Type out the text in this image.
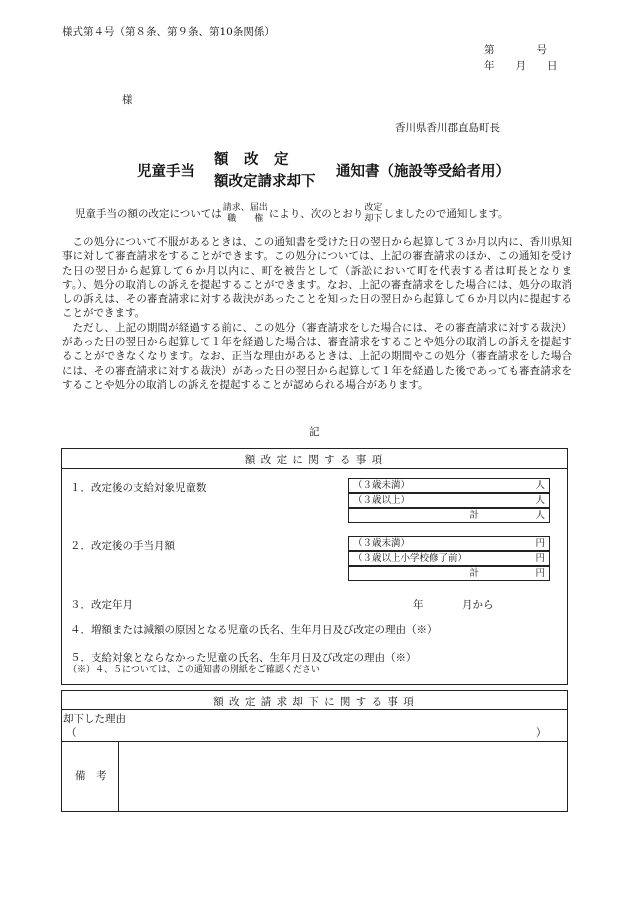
様式第４号（第８条、第９条、第10条関係）
第　　　　号
年　　月　　日
様
香川県香川郡直島町長
児童手当
額　改　定
額改定請求却下
通知書（施設等受給者用）
児童手当の額の改定については 請求、届出
職　　権 により、次のとおり 改定
却下 しましたので通知します。

この処分について不服があるときは、この通知書を受けた日の翌日から起算して３か月以内に、香川県知事に対して審査請求をすることができます。この処分については、上記の審査請求のほか、この通知を受けた日の翌日から起算して６か月以内に、町を被告として（訴訟において町を代表する者は町長となります。）、処分の取消しの訴えを提起することができます。なお、上記の審査請求をした場合には、処分の取消しの訴えは、その審査請求に対する裁決があったことを知った日の翌日から起算して６か月以内に提起することができます。

ただし、上記の期間が経過する前に、この処分（審査請求をした場合には、その審査請求に対する裁決）があった日の翌日から起算して１年を経過した場合は、審査請求をすることや処分の取消しの訴えを提起することができなくなります。なお、正当な理由があるときは、上記の期間やこの処分（審査請求をした場合には、その審査請求に対する裁決）があった日の翌日から起算して１年を経過した後であっても審査請求をすることや処分の取消しの訴えを提起することが認められる場合があります。

記
額 改 定 に 関 す る 事 項
１．改定後の支給対象児童数	（３歳未満）	人
（３歳以上）	人
計	人
２．改定後の手当月額	（３歳未満）	円
（３歳以上小学校修了前）	円
計	円
３．改定年月	年	月から
４．増額または減額の原因となる児童の氏名、生年月日及び改定の理由（※）
５．支給対象とならなかった児童の氏名、生年月日及び改定の理由（※）
（※）４、５については、この通知書の別紙をご確認ください
額 改 定 請 求 却 下 に 関 す る 事 項
却下した理由
（	）
備　考
